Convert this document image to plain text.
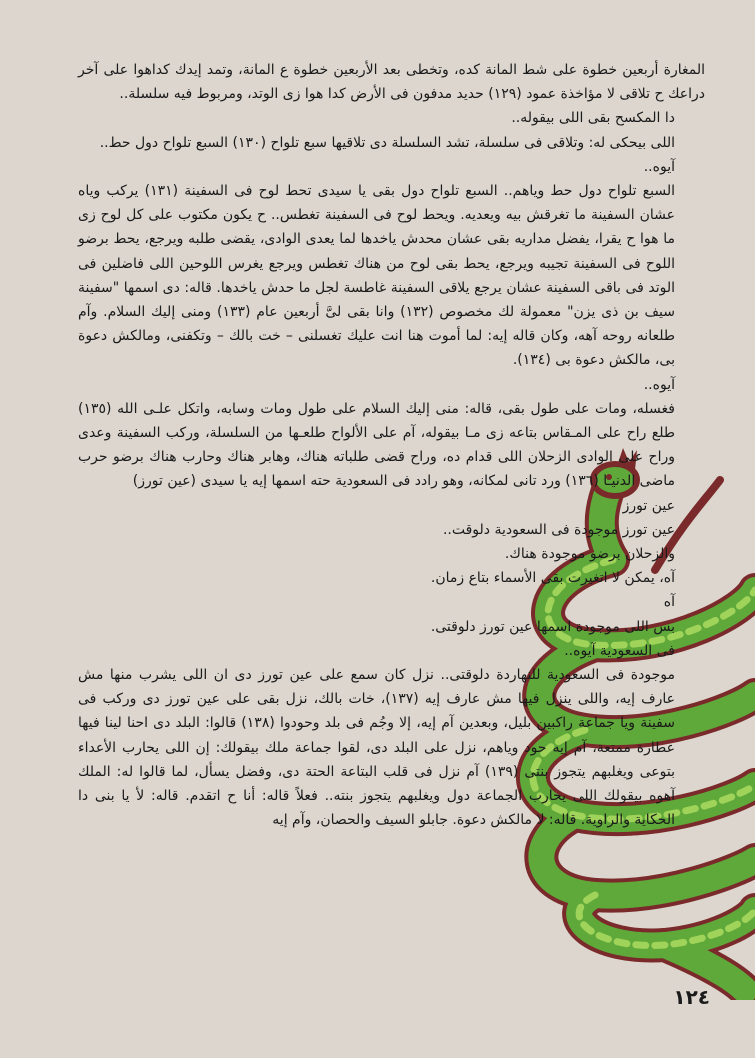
المغارة أربعين خطوة على شط المانة كده، وتخطى بعد الأربعين خطوة ع المانة، وتمد إيدك كداهوا على آخر دراعك ح تلاقى لا مؤاخذة عمود (١٢٩) حديد مدفون فى الأرض كدا هوا زى الوتد، ومربوط فيه سلسلة..

دا المكسح بقى اللى بيقوله..

اللى بيحكى له: وتلاقى فى سلسلة، تشد السلسلة دى تلاقيها سبع تلواح (١٣٠) السبع تلواح دول حط..

آيوه..

السبع تلواح دول حط وياهم.. السبع تلواح دول بقى يا سيدى تحط لوح فى السفينة (١٣١) يركب وياه عشان السفينة ما تغرقش بيه ويعديه. ويحط لوح فى السفينة تغطس.. ح يكون مكتوب على كل لوح زى ما هوا ح يقرا، يفضل مداريه بقى عشان محدش ياخدها لما يعدى الوادى، يقضى طلبه ويرجع، يحط برضو اللوح فى السفينة تجيبه ويرجع، يحط بقى لوح من هناك تغطس ويرجع يغرس اللوحين اللى فاضلين فى الوتد فى باقى السفينة عشان يرجع يلاقى السفينة غاطسة لجل ما حدش ياخدها. قاله: دى اسمها "سفينة سيف بن ذى يزن" معمولة لك مخصوص (١٣٢) وانا بقى لىَّ أربعين عام (١٣٣) ومنى إليك السلام. وآم طلعانه روحه آهه، وكان قاله إيه: لما أموت هنا انت عليك تغسلنى – خت بالك – وتكفنى، ومالكش دعوة بى، مالكش دعوة بى (١٣٤).

آيوه..

فغسله، ومات على طول بقى، قاله: منى إليك السلام على طول ومات وسابه، واتكل علـى الله (١٣٥) طلع راح على المـقاس بتاعه زى مـا بيقوله، آم على الألواح طلعـها من السلسلة، وركب السفينة وعدى وراح على الوادى الزحلان اللى قدام ده، وراح قضى طلباته هناك، وهابر هناك وحارب هناك برضو حرب ماضى الدنيـا (١٣٦) ورد تانى لمكانه، وهو رادد فى السعودية حته اسمها إيه يا سيدى (عين تورز)

عين تورز

عين تورز موجودة فى السعودية دلوقت..

والزحلان برضو موجودة هناك.

آه، يمكن لا اتغيرت بقى الأسماء بتاع زمان.

آه

بس اللى موجودة اسمها عين تورز دلوقتى.

فى السعودية آيوه..

موجودة فى السعودية للنهاردة دلوقتى.. نزل كان سمع على عين تورز دى ان اللى يشرب منها مش عارف إيه، واللى ينزل فيها مش عارف إيه (١٣٧)، خات بالك، نزل بقى على عين تورز دى وركب فى سفينة ويا جماعة راكبين بليل، وبعدين آم إيه، إلا وجُم فى بلد وحودوا (١٣٨) قالوا: البلد دى احنا لينا فيها عطارة ممتعة، آم إيه حود وياهم، نزل على البلد دى، لقوا جماعة ملك بيقولك: إن اللى يحارب الأعداء بتوعى ويغلبهم يتجوز بنتى (١٣٩) آم نزل فى قلب البتاعة الحتة دى، وفضل يسأل، لما قالوا له: الملك آهوه بيقولك اللى يحارب الجماعة دول ويغلبهم يتجوز بنته.. فعلاً قاله: أنا ح اتقدم. قاله: لأ يا بنى دا الحكاية والراوية. قاله: لا مالكش دعوة. جابلو السيف والحصان، وآم إيه

١٢٤
